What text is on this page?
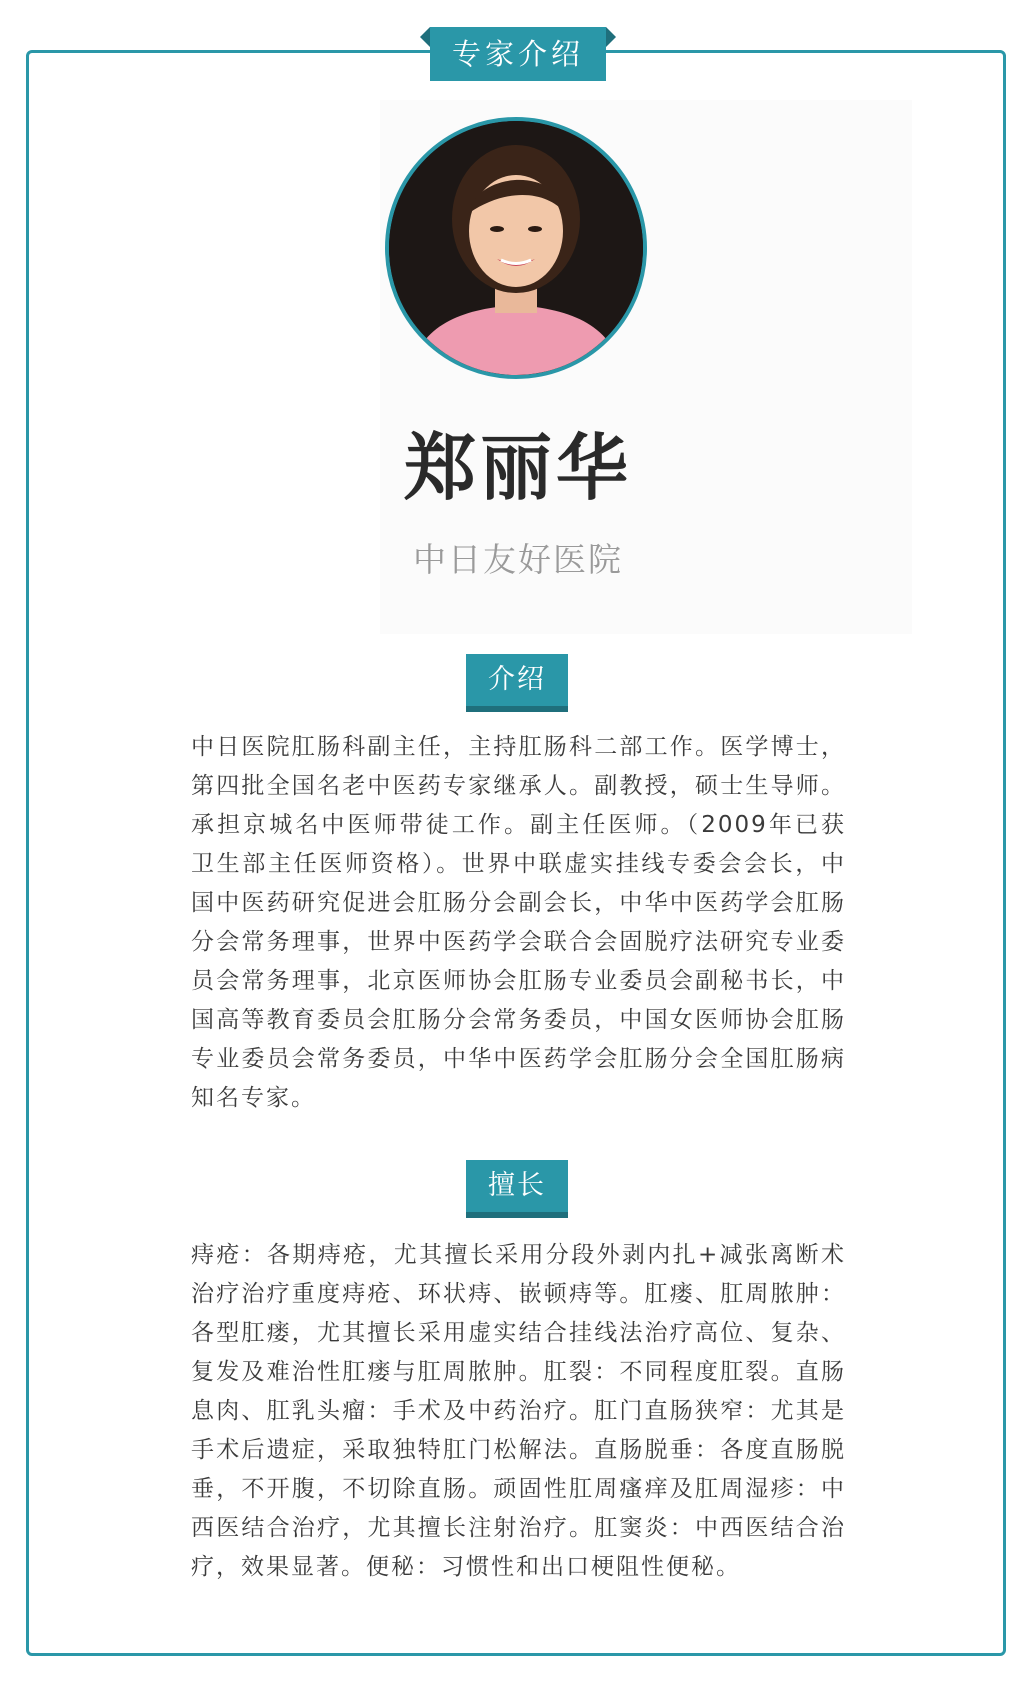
专家介绍
郑丽华
中日友好医院
介绍
中日医院肛肠科副主任，主持肛肠科二部工作。医学博士，第四批全国名老中医药专家继承人。副教授，硕士生导师。承担京城名中医师带徒工作。副主任医师。（2009年已获卫生部主任医师资格）。世界中联虚实挂线专委会会长，中国中医药研究促进会肛肠分会副会长，中华中医药学会肛肠分会常务理事，世界中医药学会联合会固脱疗法研究专业委员会常务理事，北京医师协会肛肠专业委员会副秘书长，中国高等教育委员会肛肠分会常务委员，中国女医师协会肛肠专业委员会常务委员，中华中医药学会肛肠分会全国肛肠病知名专家。
擅长
痔疮：各期痔疮，尤其擅长采用分段外剥内扎+减张离断术治疗治疗重度痔疮、环状痔、嵌顿痔等。肛瘘、肛周脓肿：各型肛瘘，尤其擅长采用虚实结合挂线法治疗高位、复杂、复发及难治性肛瘘与肛周脓肿。肛裂：不同程度肛裂。直肠息肉、肛乳头瘤：手术及中药治疗。肛门直肠狭窄：尤其是手术后遗症，采取独特肛门松解法。直肠脱垂：各度直肠脱垂，不开腹，不切除直肠。顽固性肛周瘙痒及肛周湿疹：中西医结合治疗，尤其擅长注射治疗。肛窦炎：中西医结合治疗，效果显著。便秘：习惯性和出口梗阻性便秘。
